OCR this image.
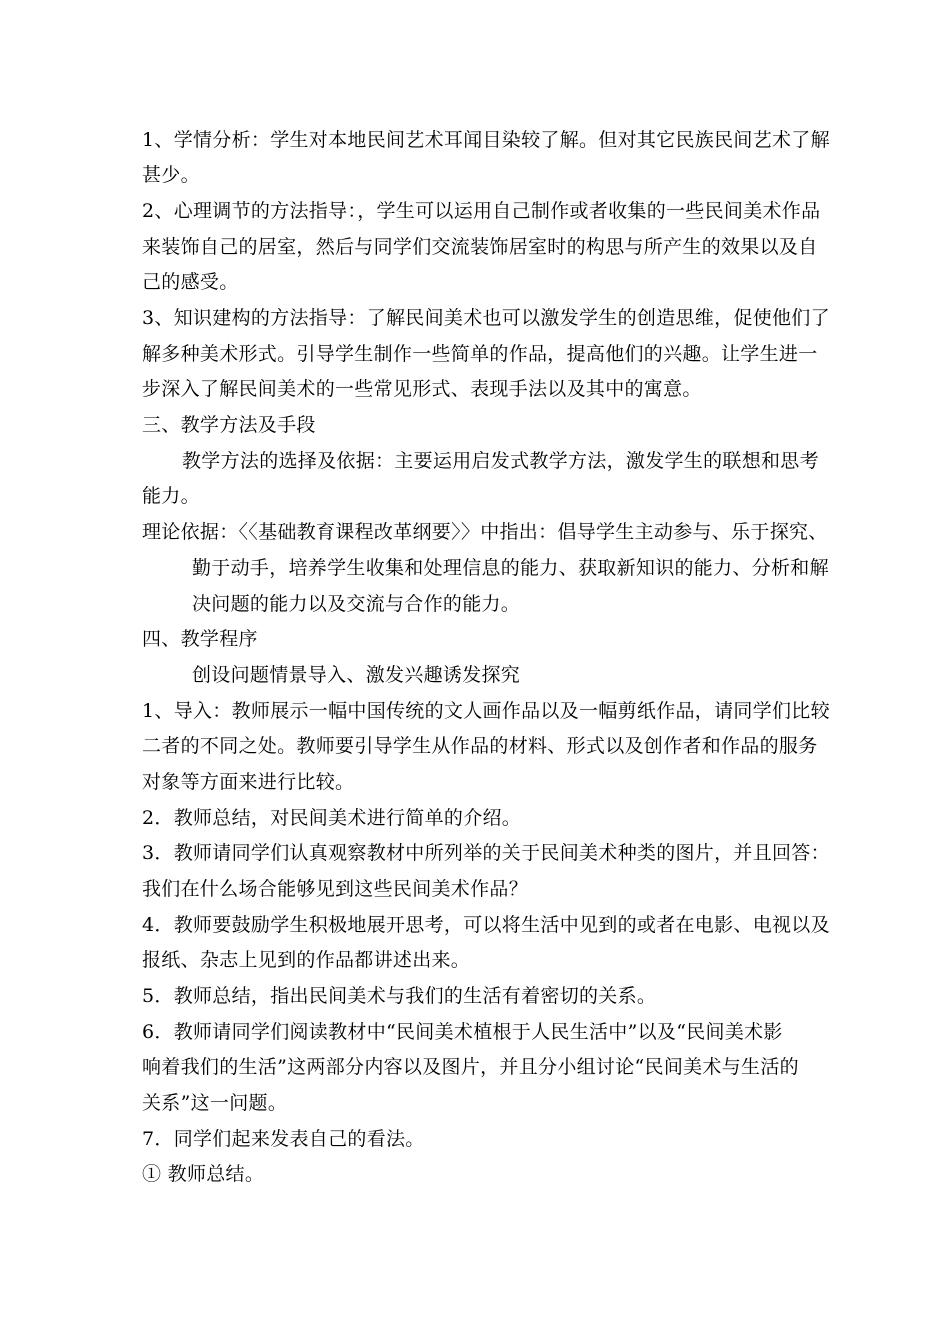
1、学情分析：学生对本地民间艺术耳闻目染较了解。但对其它民族民间艺术了解
甚少。
2、心理调节的方法指导：，学生可以运用自己制作或者收集的一些民间美术作品
来装饰自己的居室，然后与同学们交流装饰居室时的构思与所产生的效果以及自
己的感受。
3、知识建构的方法指导：了解民间美术也可以激发学生的创造思维，促使他们了
解多种美术形式。引导学生制作一些简单的作品，提高他们的兴趣。让学生进一
步深入了解民间美术的一些常见形式、表现手法以及其中的寓意。
三、教学方法及手段
教学方法的选择及依据：主要运用启发式教学方法，激发学生的联想和思考
能力。
理论依据：〈〈基础教育课程改革纲要〉〉中指出：倡导学生主动参与、乐于探究、
勤于动手，培养学生收集和处理信息的能力、获取新知识的能力、分析和解
决问题的能力以及交流与合作的能力。
四、教学程序
创设问题情景导入、激发兴趣诱发探究
1、导入：教师展示一幅中国传统的文人画作品以及一幅剪纸作品，请同学们比较
二者的不同之处。教师要引导学生从作品的材料、形式以及创作者和作品的服务
对象等方面来进行比较。
2．教师总结，对民间美术进行简单的介绍。
3．教师请同学们认真观察教材中所列举的关于民间美术种类的图片，并且回答：
我们在什么场合能够见到这些民间美术作品？
4．教师要鼓励学生积极地展开思考，可以将生活中见到的或者在电影、电视以及
报纸、杂志上见到的作品都讲述出来。
5．教师总结，指出民间美术与我们的生活有着密切的关系。
6．教师请同学们阅读教材中“民间美术植根于人民生活中”以及“民间美术影
响着我们的生活”这两部分内容以及图片，并且分小组讨论“民间美术与生活的
关系”这一问题。
7．同学们起来发表自己的看法。
① 教师总结。
